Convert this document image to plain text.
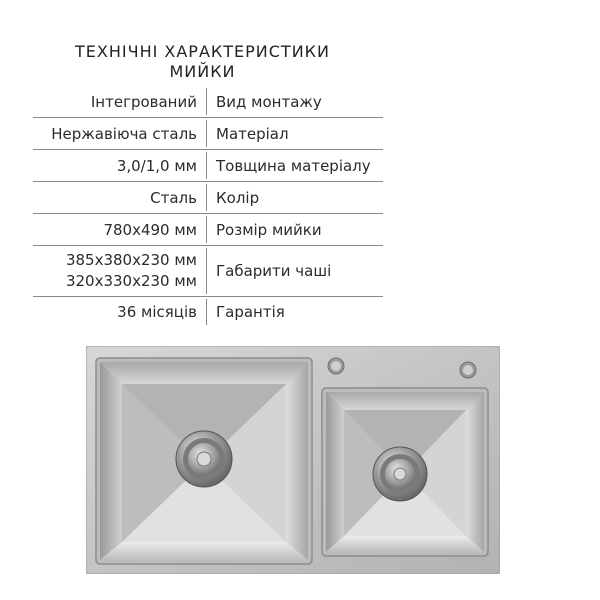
ТЕХНІЧНІ ХАРАКТЕРИСТИКИ
МИЙКИ
Інтегрований Вид монтажу
Нержавіюча сталь Матеріал
3,0/1,0 мм Товщина матеріалу
Сталь Колір
780x490 мм Розмір мийки
385x380x230 мм
320x330x230 мм
Габарити чаші
36 місяців Гарантія
